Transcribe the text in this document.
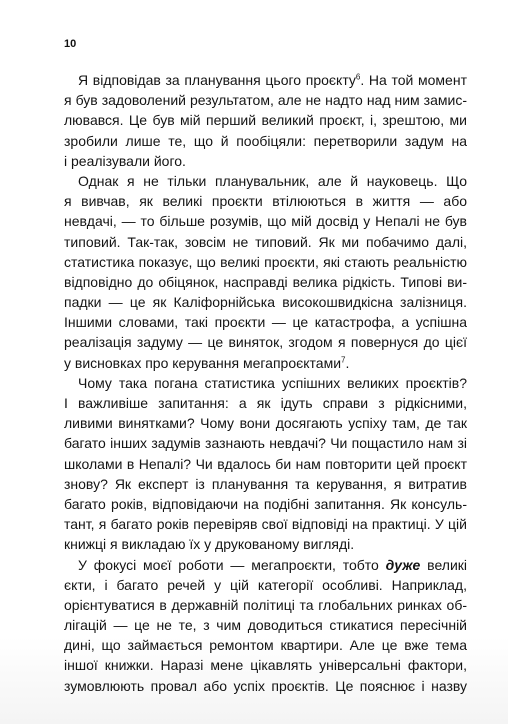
10
Я відповідав за планування цього проєкту$^6$. На той момент
я був задоволений результатом, але не надто над ним замис-
лювався. Це був мій перший великий проєкт, і, зрештою, ми
зробили лише те, що й пообіцяли: перетворили задум на
і реалізували його.
Однак я не тільки планувальник, але й науковець. Що
я вивчав, як великі проєкти втілюються в життя — або
невдачі, — то більше розумів, що мій досвід у Непалі не був
типовий. Так-так, зовсім не типовий. Як ми побачимо далі,
статистика показує, що великі проєкти, які стають реальністю
відповідно до обіцянок, насправді велика рідкість. Типові ви-
падки — це як Каліфорнійська високошвидкісна залізниця.
Іншими словами, такі проєкти — це катастрофа, а успішна
реалізація задуму — це виняток, згодом я повернуся до цієї
у висновках про керування мегапроєктами$^7$.
Чому така погана статистика успішних великих проєктів?
І важливіше запитання: а як ідуть справи з рідкісними,
ливими винятками? Чому вони досягають успіху там, де так
багато інших задумів зазнають невдачі? Чи пощастило нам зі
школами в Непалі? Чи вдалось би нам повторити цей проєкт
знову? Як експерт із планування та керування, я витратив
багато років, відповідаючи на подібні запитання. Як консуль-
тант, я багато років перевіряв свої відповіді на практиці. У цій
книжці я викладаю їх у друкованому вигляді.
У фокусі моєї роботи — мегапроєкти, тобто дуже великі
єкти, і багато речей у цій категорії особливі. Наприклад,
орієнтуватися в державній політиці та глобальних ринках об-
лігацій — це не те, з чим доводиться стикатися пересічній
дині, що займається ремонтом квартири. Але це вже тема
іншої книжки. Наразі мене цікавлять універсальні фактори,
зумовлюють провал або успіх проєктів. Це пояснює і назву
